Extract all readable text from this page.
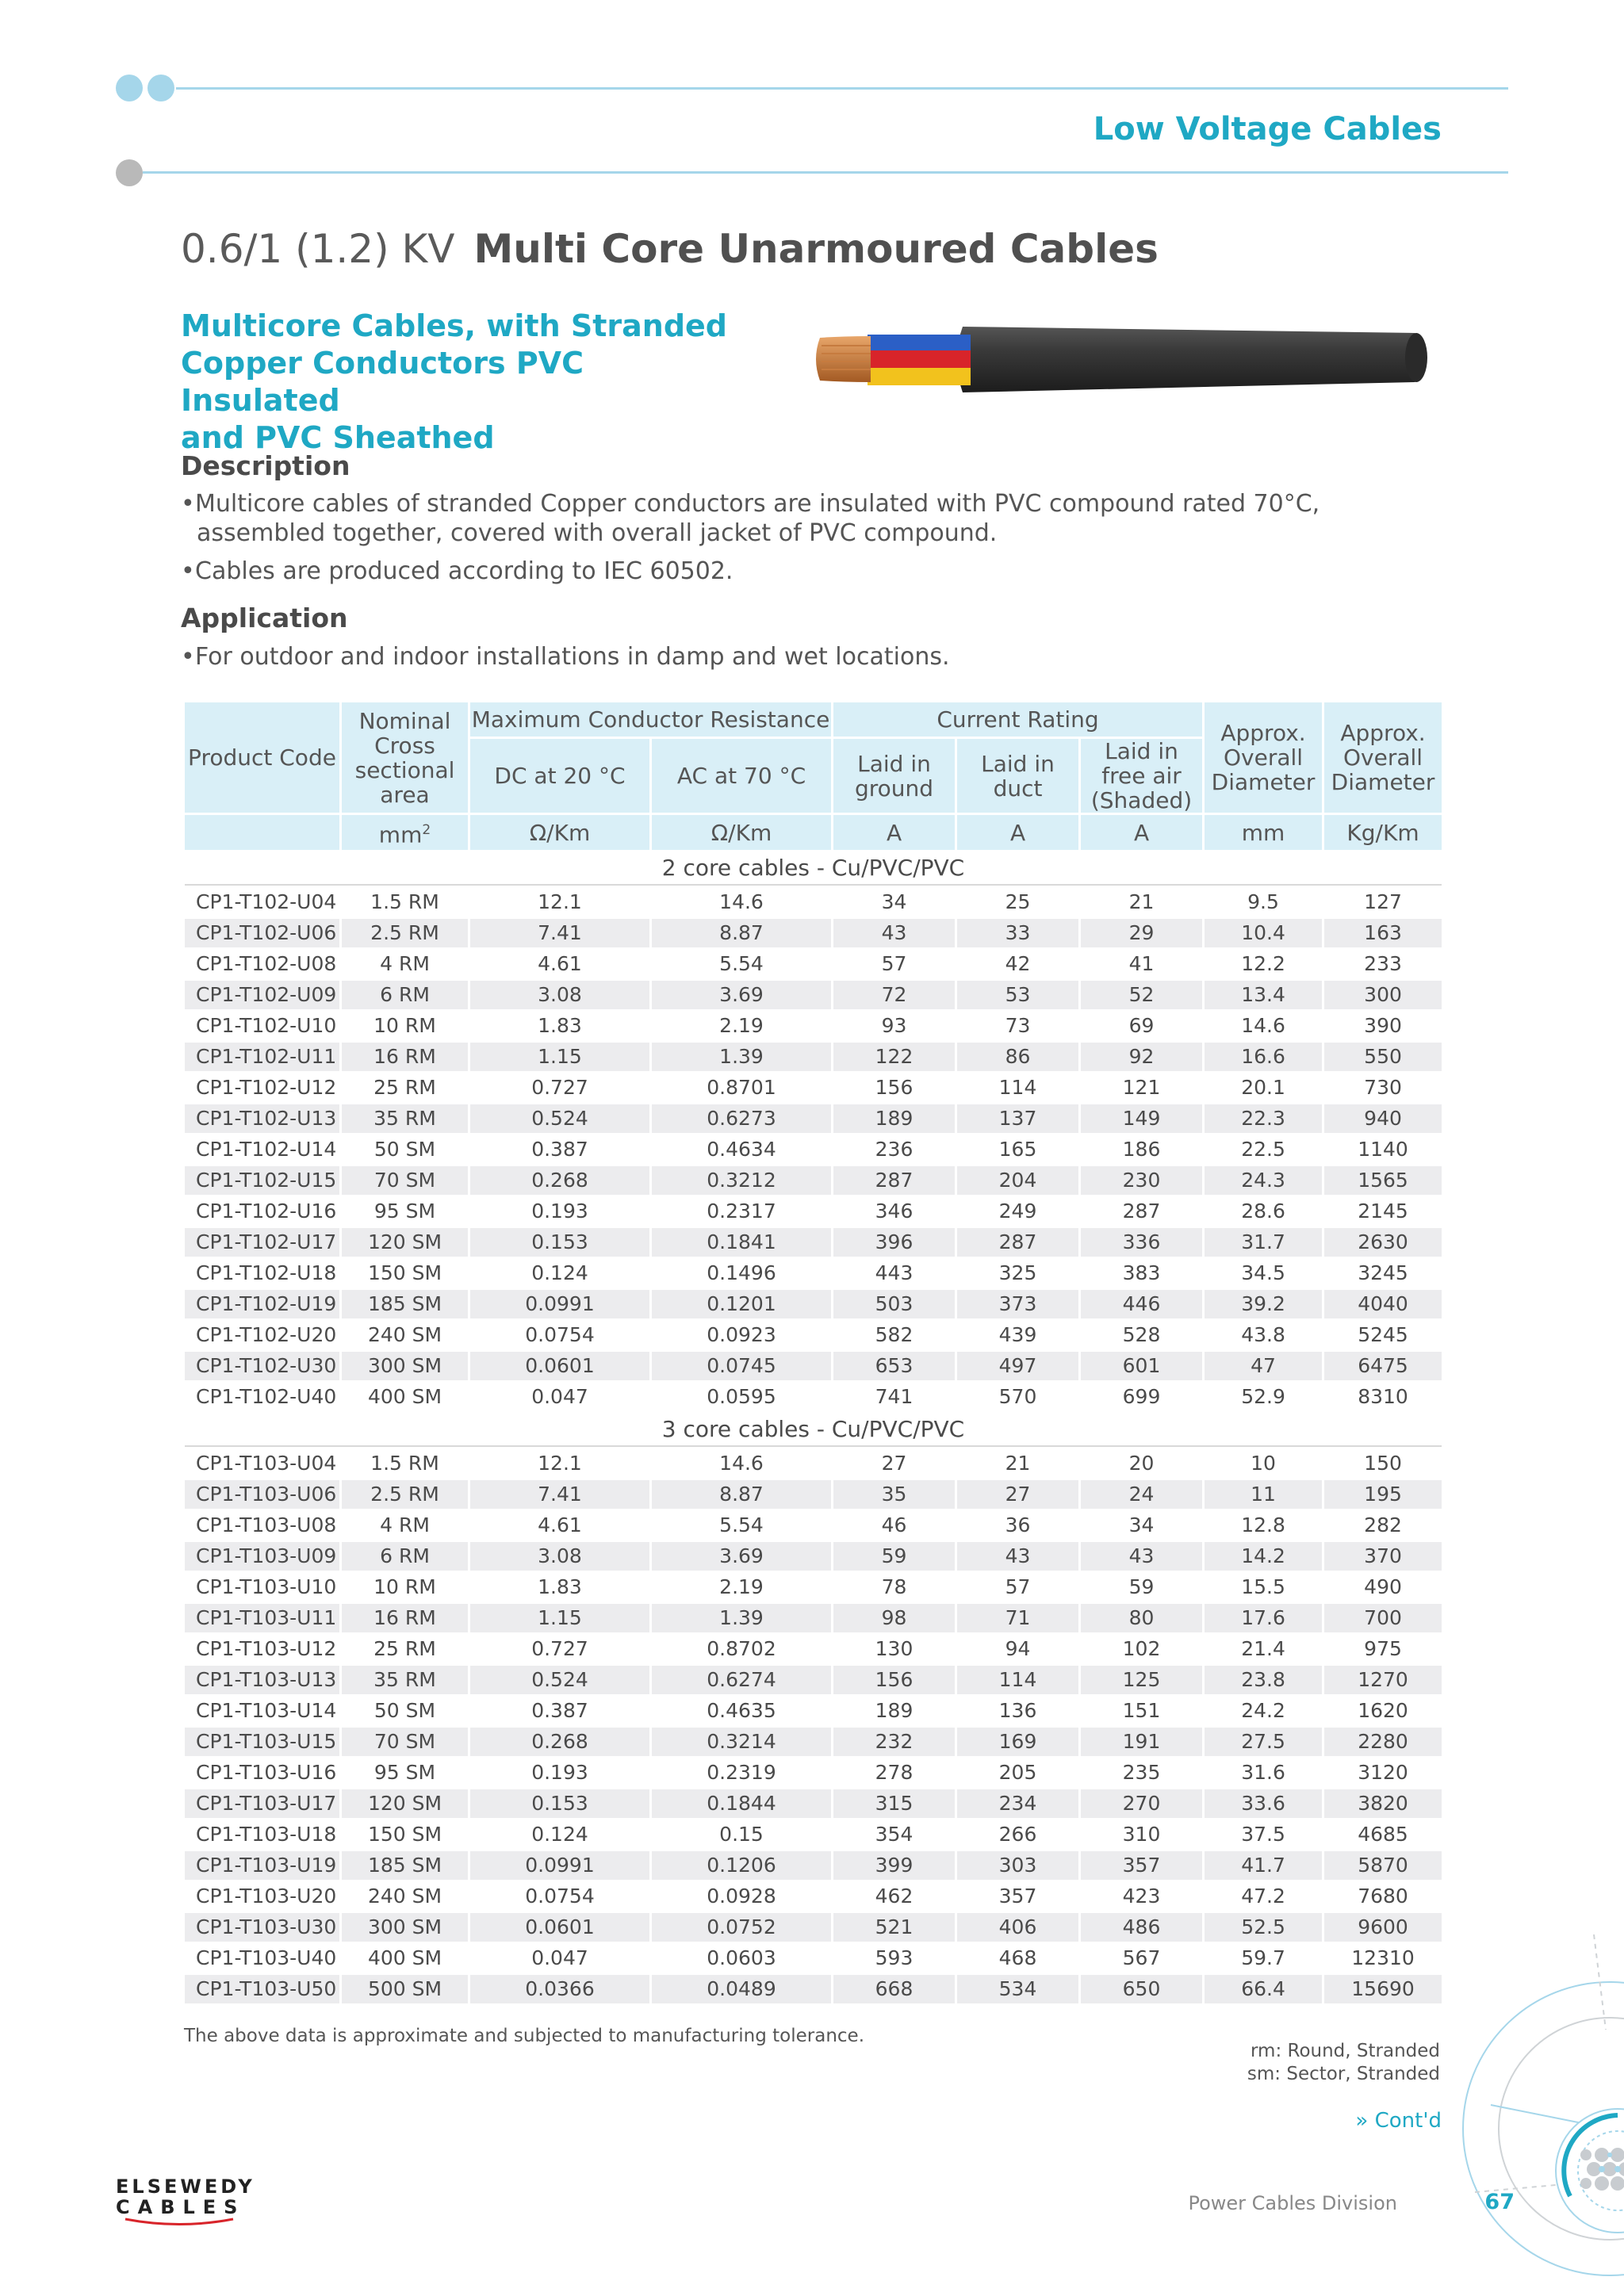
Low Voltage Cables
0.6/1 (1.2) KV Multi Core Unarmoured Cables
Multicore Cables, with Stranded
Copper Conductors PVC Insulated
and PVC Sheathed
Description
•Multicore cables of stranded Copper conductors are insulated with PVC compound rated 70°C,
assembled together, covered with overall jacket of PVC compound.
•Cables are produced according to IEC 60502.
Application
•For outdoor and indoor installations in damp and wet locations.
Product Code	Nominal Cross sectional area	Maximum Conductor Resistance		Current Rating			Approx. Overall Diameter	Approx. Overall Diameter
		DC at 20 °C	AC at 70 °C	Laid in ground	Laid in duct	Laid in free air (Shaded)		
	$mm^2$	Ω/Km	Ω/Km	A	A	A	mm	Kg/Km
2 core cables - Cu/PVC/PVC								
CP1-T102-U04	1.5 RM	12.1	14.6	34	25	21	9.5	127
CP1-T102-U06	2.5 RM	7.41	8.87	43	33	29	10.4	163
CP1-T102-U08	4 RM	4.61	5.54	57	42	41	12.2	233
CP1-T102-U09	6 RM	3.08	3.69	72	53	52	13.4	300
CP1-T102-U10	10 RM	1.83	2.19	93	73	69	14.6	390
CP1-T102-U11	16 RM	1.15	1.39	122	86	92	16.6	550
CP1-T102-U12	25 RM	0.727	0.8701	156	114	121	20.1	730
CP1-T102-U13	35 RM	0.524	0.6273	189	137	149	22.3	940
CP1-T102-U14	50 SM	0.387	0.4634	236	165	186	22.5	1140
CP1-T102-U15	70 SM	0.268	0.3212	287	204	230	24.3	1565
CP1-T102-U16	95 SM	0.193	0.2317	346	249	287	28.6	2145
CP1-T102-U17	120 SM	0.153	0.1841	396	287	336	31.7	2630
CP1-T102-U18	150 SM	0.124	0.1496	443	325	383	34.5	3245
CP1-T102-U19	185 SM	0.0991	0.1201	503	373	446	39.2	4040
CP1-T102-U20	240 SM	0.0754	0.0923	582	439	528	43.8	5245
CP1-T102-U30	300 SM	0.0601	0.0745	653	497	601	47	6475
CP1-T102-U40	400 SM	0.047	0.0595	741	570	699	52.9	8310
3 core cables - Cu/PVC/PVC								
CP1-T103-U04	1.5 RM	12.1	14.6	27	21	20	10	150
CP1-T103-U06	2.5 RM	7.41	8.87	35	27	24	11	195
CP1-T103-U08	4 RM	4.61	5.54	46	36	34	12.8	282
CP1-T103-U09	6 RM	3.08	3.69	59	43	43	14.2	370
CP1-T103-U10	10 RM	1.83	2.19	78	57	59	15.5	490
CP1-T103-U11	16 RM	1.15	1.39	98	71	80	17.6	700
CP1-T103-U12	25 RM	0.727	0.8702	130	94	102	21.4	975
CP1-T103-U13	35 RM	0.524	0.6274	156	114	125	23.8	1270
CP1-T103-U14	50 SM	0.387	0.4635	189	136	151	24.2	1620
CP1-T103-U15	70 SM	0.268	0.3214	232	169	191	27.5	2280
CP1-T103-U16	95 SM	0.193	0.2319	278	205	235	31.6	3120
CP1-T103-U17	120 SM	0.153	0.1844	315	234	270	33.6	3820
CP1-T103-U18	150 SM	0.124	0.15	354	266	310	37.5	4685
CP1-T103-U19	185 SM	0.0991	0.1206	399	303	357	41.7	5870
CP1-T103-U20	240 SM	0.0754	0.0928	462	357	423	47.2	7680
CP1-T103-U30	300 SM	0.0601	0.0752	521	406	486	52.5	9600
CP1-T103-U40	400 SM	0.047	0.0603	593	468	567	59.7	12310
CP1-T103-U50	500 SM	0.0366	0.0489	668	534	650	66.4	15690
The above data is approximate and subjected to manufacturing tolerance.
rm: Round, Stranded
sm: Sector, Stranded
» Cont'd
ELSEWEDY
CABLES	Power Cables Division	67
